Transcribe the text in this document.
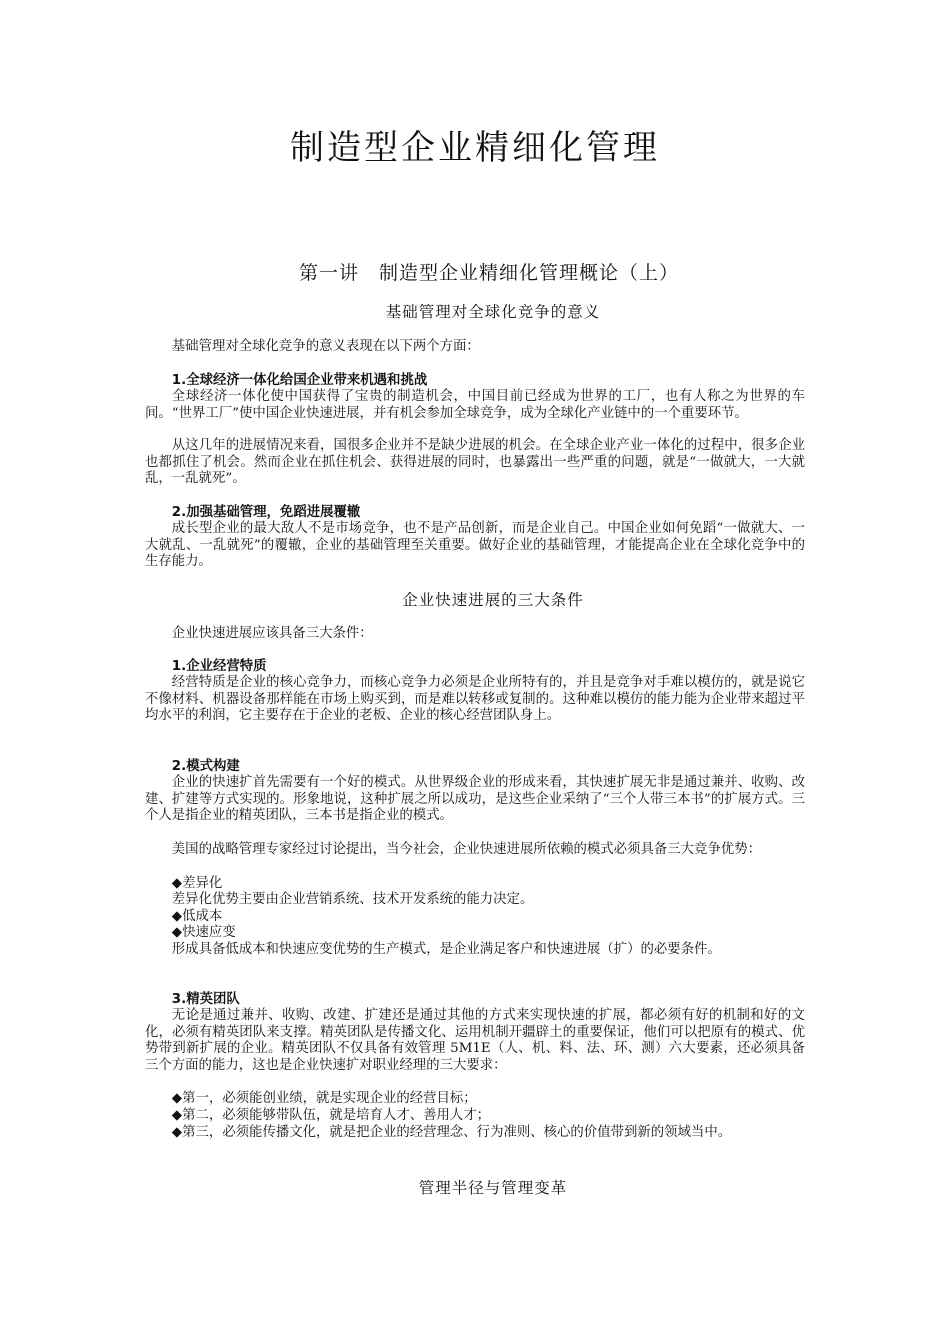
制造型企业精细化管理
第一讲　制造型企业精细化管理概论（上）
基础管理对全球化竞争的意义

基础管理对全球化竞争的意义表现在以下两个方面：

1.全球经济一体化给国企业带来机遇和挑战

全球经济一体化使中国获得了宝贵的制造机会，中国目前已经成为世界的工厂，也有人称之为世界的车间。“世界工厂”使中国企业快速进展，并有机会参加全球竞争，成为全球化产业链中的一个重要环节。

从这几年的进展情况来看，国很多企业并不是缺少进展的机会。在全球企业产业一体化的过程中，很多企业也都抓住了机会。然而企业在抓住机会、获得进展的同时，也暴露出一些严重的问题，就是“一做就大，一大就乱，一乱就死”。

2.加强基础管理，免蹈进展覆辙

成长型企业的最大敌人不是市场竞争，也不是产品创新，而是企业自己。中国企业如何免蹈“一做就大、一大就乱、一乱就死”的覆辙，企业的基础管理至关重要。做好企业的基础管理，才能提高企业在全球化竞争中的生存能力。

企业快速进展的三大条件

企业快速进展应该具备三大条件：

1.企业经营特质

经营特质是企业的核心竞争力，而核心竞争力必须是企业所特有的，并且是竞争对手难以模仿的，就是说它不像材料、机器设备那样能在市场上购买到，而是难以转移或复制的。这种难以模仿的能力能为企业带来超过平均水平的利润，它主要存在于企业的老板、企业的核心经营团队身上。

2.模式构建

企业的快速扩首先需要有一个好的模式。从世界级企业的形成来看，其快速扩展无非是通过兼并、收购、改建、扩建等方式实现的。形象地说，这种扩展之所以成功，是这些企业采纳了“三个人带三本书”的扩展方式。三个人是指企业的精英团队，三本书是指企业的模式。

美国的战略管理专家经过讨论提出，当今社会，企业快速进展所依赖的模式必须具备三大竞争优势：

◆差异化

差异化优势主要由企业营销系统、技术开发系统的能力决定。

◆低成本

◆快速应变

形成具备低成本和快速应变优势的生产模式，是企业满足客户和快速进展（扩）的必要条件。

3.精英团队

无论是通过兼并、收购、改建、扩建还是通过其他的方式来实现快速的扩展，都必须有好的机制和好的文化，必须有精英团队来支撑。精英团队是传播文化、运用机制开疆辟土的重要保证，他们可以把原有的模式、优势带到新扩展的企业。精英团队不仅具备有效管理 5M1E（人、机、料、法、环、测）六大要素，还必须具备三个方面的能力，这也是企业快速扩对职业经理的三大要求：

◆第一，必须能创业绩，就是实现企业的经营目标；

◆第二，必须能够带队伍，就是培育人才、善用人才；

◆第三，必须能传播文化，就是把企业的经营理念、行为准则、核心的价值带到新的领域当中。

管理半径与管理变革
